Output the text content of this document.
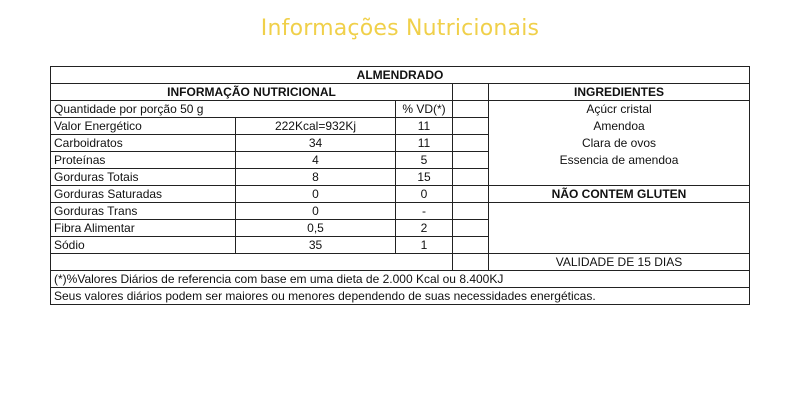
Informações Nutricionais
ALMENDRADO				
INFORMAÇÃO NUTRICIONAL				INGREDIENTES
Quantidade por porção 50 g		% VD(*)		Açúcr cristal
Valor Energético	222Kcal=932Kj	11		Amendoa
Carboidratos	34	11		Clara de ovos
Proteínas	4	5		Essencia de amendoa
Gorduras Totais	8	15		
Gorduras Saturadas	0	0		NÃO CONTEM GLUTEN
Gorduras Trans	0	-		
Fibra Alimentar	0,5	2		
Sódio	35	1		
				VALIDADE DE 15 DIAS
(*)%Valores Diários de referencia com base em uma dieta de 2.000 Kcal ou 8.400KJ				
Seus valores diários podem ser maiores ou menores dependendo de suas necessidades energéticas.				
